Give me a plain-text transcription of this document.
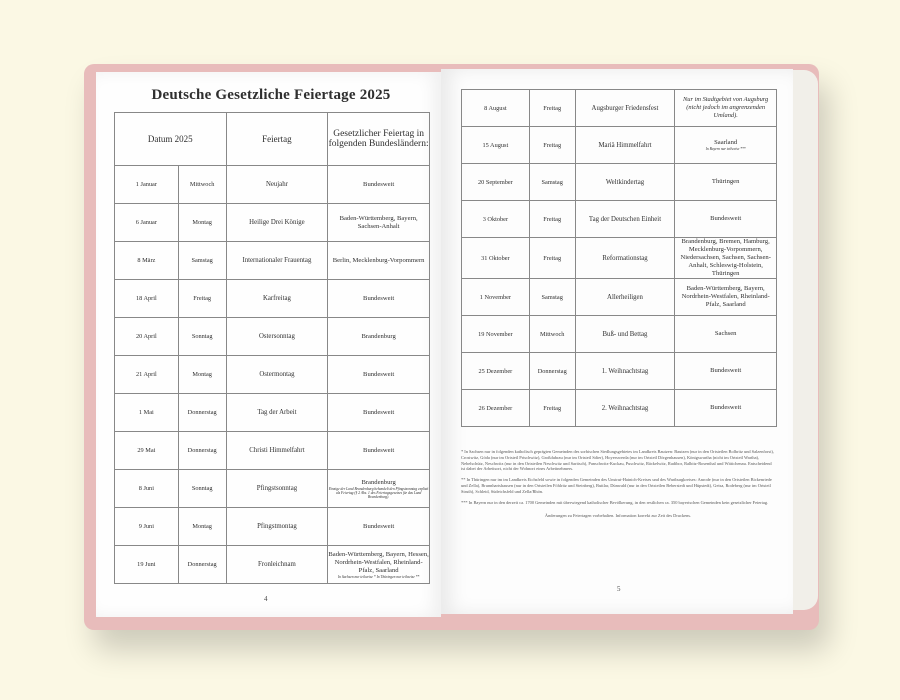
Deutsche Gesetzliche Feiertage 2025
Datum 2025		Feiertag	Gesetzlicher Feiertag in folgenden Bundesländern:
1 Januar	Mittwoch	Neujahr	Bundesweit
6 Januar	Montag	Heilige Drei Könige	Baden-Württemberg, Bayern, Sachsen-Anhalt
8 März	Samstag	Internationaler Frauentag	Berlin, Mecklenburg-Vorpommern
18 April	Freitag	Karfreitag	Bundesweit
20 April	Sonntag	Ostersonntag	Brandenburg
21 April	Montag	Ostermontag	Bundesweit
1 Mai	Donnerstag	Tag der Arbeit	Bundesweit
29 Mai	Donnerstag	Christi Himmelfahrt	Bundesweit
8 Juni	Sonntag	Pfingstsonntag	Brandenburg
Einzige der Land Brandenburg behandelt den Pfingstsonntag explizit als Feiertag (§ 2 Abs. 1 des Feiertagsgesetzes für das Land Brandenburg).

9 Juni	Montag	Pfingstmontag	Bundesweit
19 Juni	Donnerstag	Fronleichnam	Baden-Württemberg, Bayern, Hessen, Nordrhein-Westfalen, Rheinland-Pfalz, Saarland
In Sachsen nur teilweise * In Thüringen nur teilweise **
4
8 August	Freitag	Augsburger Friedensfest	Nur im Stadtgebiet von Augsburg (nicht jedoch im angrenzenden Umland).
15 August	Freitag	Mariä Himmelfahrt	Saarland
In Bayern nur teilweise ***

20 September	Samstag	Weltkindertag	Thüringen
3 Oktober	Freitag	Tag der Deutschen Einheit	Bundesweit
31 Oktober	Freitag	Reformationstag	Brandenburg, Bremen, Hamburg, Mecklenburg-Vorpommern, Niedersachsen, Sachsen, Sachsen-Anhalt, Schleswig-Holstein, Thüringen
1 November	Samstag	Allerheiligen	Baden-Württemberg, Bayern, Nordrhein-Westfalen, Rheinland-Pfalz, Saarland
19 November	Mittwoch	Buß- und Bettag	Sachsen
25 Dezember	Donnerstag	1. Weihnachtstag	Bundesweit
26 Dezember	Freitag	2. Weihnachtstag	Bundesweit

* In Sachsen nur in folgenden katholisch geprägten Gemeinden des sorbischen Siedlungsgebietes im Landkreis Bautzen: Bautzen (nur in den Ortsteilen Bolbritz und Salzenforst), Crostwitz, Göda (nur im Ortsteil Prischwitz), Großdubrau (nur im Ortsteil Sdier), Hoyerswerda (nur im Ortsteil Dörgenhausen), Königswartha (nicht im Ortsteil Wartha), Nebelschütz, Neschwitz (nur in den Ortsteilen Neschwitz und Saritsch), Panschwitz-Kuckau, Puschwitz, Räckelwitz, Radibor, Ralbitz-Rosenthal und Wittichenau. Entscheidend ist dabei der Arbeitsort, nicht der Wohnort eines Arbeitnehmers.

** In Thüringen nur im im Landkreis Eichsfeld sowie in folgenden Gemeinden des Unstrut-Hainich-Kreises und des Wartburgkreises: Anrode (nur in den Ortsteilen Bickenriede und Zella), Brunnhartshausen (nur in den Ortsteilen Föhlritz und Steinberg), Buttlar, Dünwald (nur in den Ortsteilen Beberstedt und Hüpstedt), Geisa, Rodeberg (nur im Ortsteil Struth), Schleid, Südeichsfeld und Zella/Rhön.

*** In Bayern nur in den derzeit ca. 1700 Gemeinden mit überwiegend katholischer Bevölkerung, in den restlichen ca. 350 bayerischen Gemeinden kein gesetzlicher Feiertag.

Änderungen zu Feiertagen vorbehalten. Information korrekt zur Zeit des Druckens.

5
